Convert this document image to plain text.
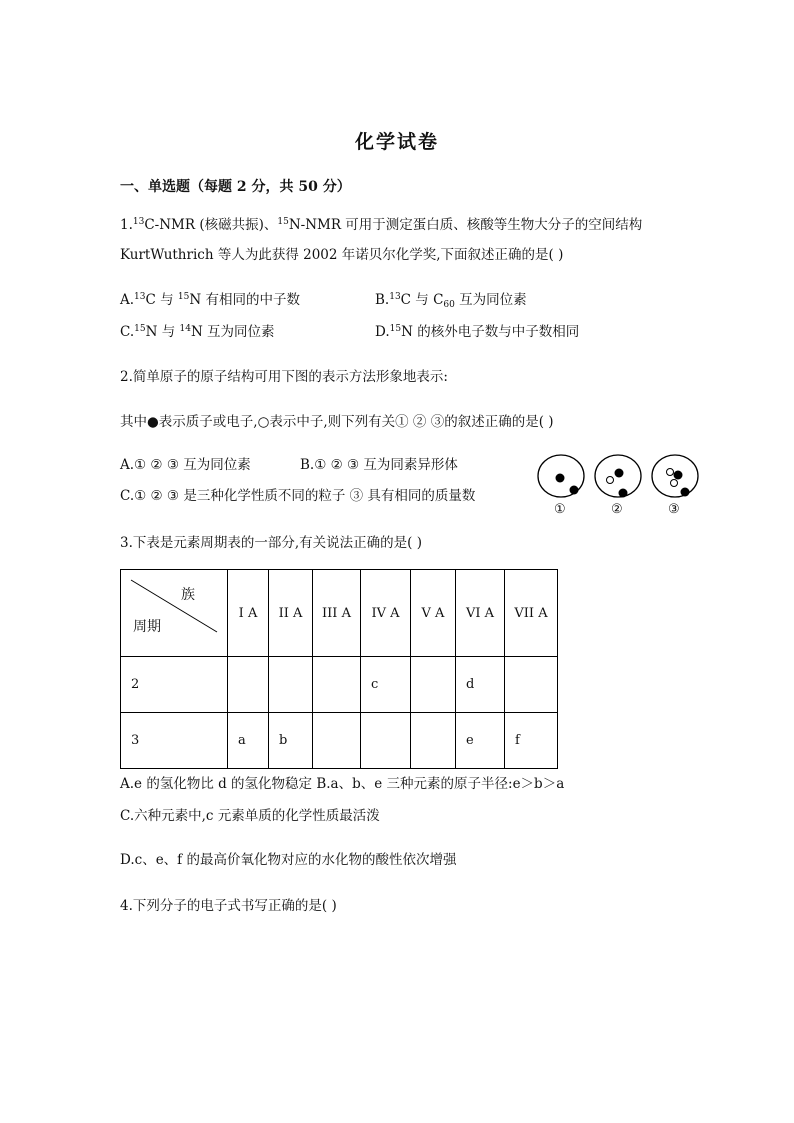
化学试卷
一、单选题（每题 2 分，共 50 分）
1.13C-NMR (核磁共振)、$^{15}$N-NMR 可用于测定蛋白质、核酸等生物大分子的空间结构
KurtWuthrich 等人为此获得 2002 年诺贝尔化学奖,下面叙述正确的是( )
A.$^{13}$C 与 $^{15}$N 有相同的中子数	B.$^{13}$C 与 $C_{60}$ 互为同位素
C.$^{15}$N 与 $^{14}$N 互为同位素	D.$^{15}$N 的核外电子数与中子数相同
2.简单原子的原子结构可用下图的表示方法形象地表示:
其中●表示质子或电子,○表示中子,则下列有关① ② ③的叙述正确的是( )
A.① ② ③ 互为同位素	B.① ② ③ 互为同素异形体
C.① ② ③ 是三种化学性质不同的粒子 ③ 具有相同的质量数
①	②	③
3.下表是元素周期表的一部分,有关说法正确的是( )
族
周期	I A	II A	III A	IV A	V A	VI A	VII A
2				c		d	
3	a	b				e	f
A.e 的氢化物比 d 的氢化物稳定 B.a、b、e 三种元素的原子半径:e＞b＞a
C.六种元素中,c 元素单质的化学性质最活泼
D.c、e、f 的最高价氧化物对应的水化物的酸性依次增强
4.下列分子的电子式书写正确的是( )
